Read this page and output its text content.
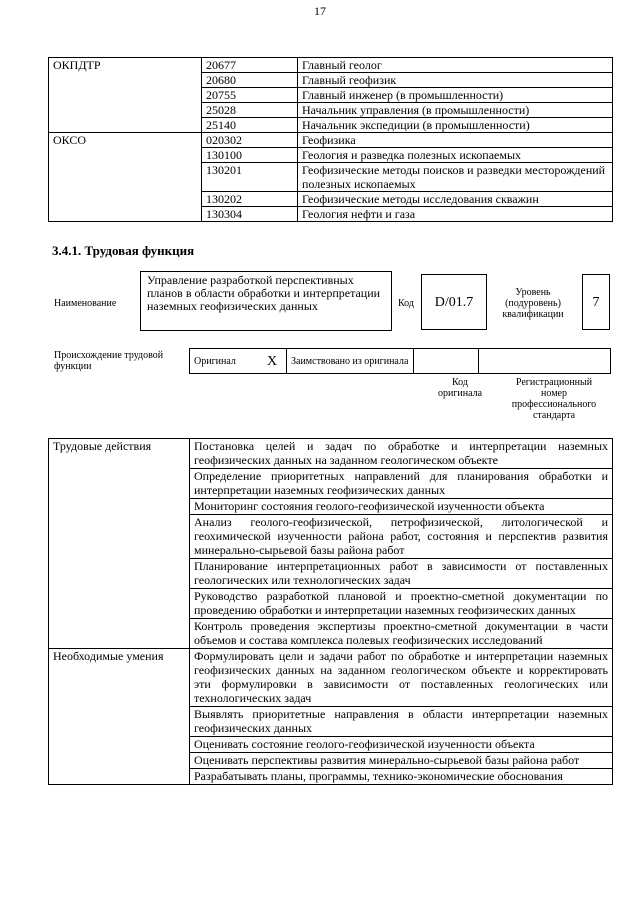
17
ОКПДТР	20677	Главный геолог
	20680	Главный геофизик
	20755	Главный инженер (в промышленности)
	25028	Начальник управления (в промышленности)
	25140	Начальник экспедиции (в промышленности)
ОКСО	020302	Геофизика
	130100	Геология и разведка полезных ископаемых
	130201	Геофизические методы поисков и разведки месторождений полезных ископаемых
	130202	Геофизические методы исследования скважин
	130304	Геология нефти и газа
3.4.1. Трудовая функция
Наименование
Управление разработкой перспективных планов в области обработки и интерпретации наземных геофизических данных	Код	D/01.7
Уровень (подуровень) квалификации
7
Происхождение трудовой функции	Оригинал	X	Заимствовано из оригинала		
Код оригинала
Регистрационный номер профессионального стандарта
Трудовые действия	Постановка целей и задач по обработке и интерпретации наземных геофизических данных на заданном геологическом объекте
	Определение приоритетных направлений для планирования обработки и интерпретации наземных геофизических данных
	Мониторинг состояния геолого-геофизической изученности объекта
	Анализ геолого-геофизической, петрофизической, литологической и геохимической изученности района работ, состояния и перспектив развития минерально-сырьевой базы района работ
	Планирование интерпретационных работ в зависимости от поставленных геологических или технологических задач
	Руководство разработкой плановой и проектно-сметной документации по проведению обработки и интерпретации наземных геофизических данных
	Контроль проведения экспертизы проектно-сметной документации в части объемов и состава комплекса полевых геофизических исследований
Необходимые умения	Формулировать цели и задачи работ по обработке и интерпретации наземных геофизических данных на заданном геологическом объекте и корректировать эти формулировки в зависимости от поставленных геологических или технологических задач
	Выявлять приоритетные направления в области интерпретации наземных геофизических данных
	Оценивать состояние геолого-геофизической изученности объекта
	Оценивать перспективы развития минерально-сырьевой базы района работ
	Разрабатывать планы, программы, технико-экономические обоснования
